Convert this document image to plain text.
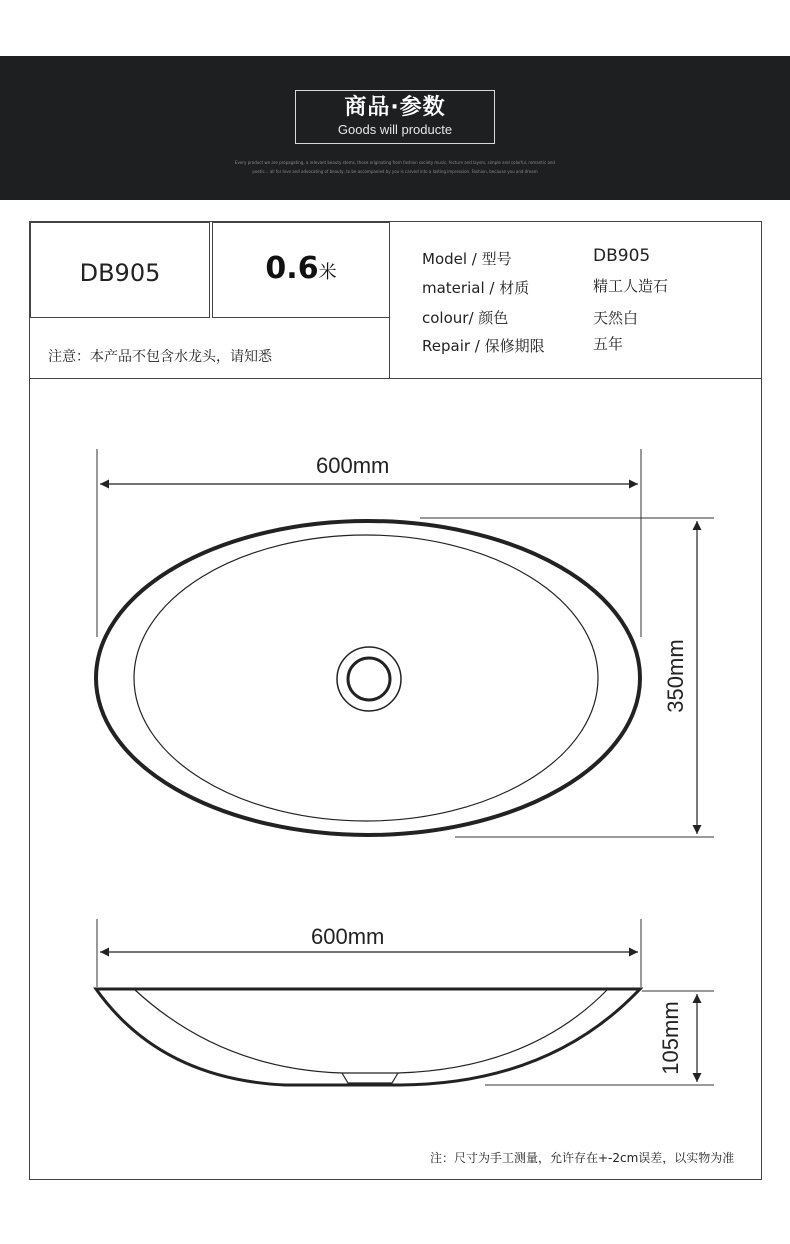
商品·参数
Goods will producte
Every product we are propagating, a relevant beauty stems, those originating from fashion society music, fecture and layers, simple and colorful, romantic and
poetic... all for love and advocating of beauty, to be accompanied by you is carved into a lasting impression. Fashion, because you and dream
DB905	0.6米
注意：本产品不包含水龙头，请知悉
Model / 型号	DB905
material / 材质	精工人造石
colour/ 颜色	天然白
Repair / 保修期限	五年
600mm
350mm
600mm
105mm
注：尺寸为手工测量，允许存在+-2cm误差，以实物为准
